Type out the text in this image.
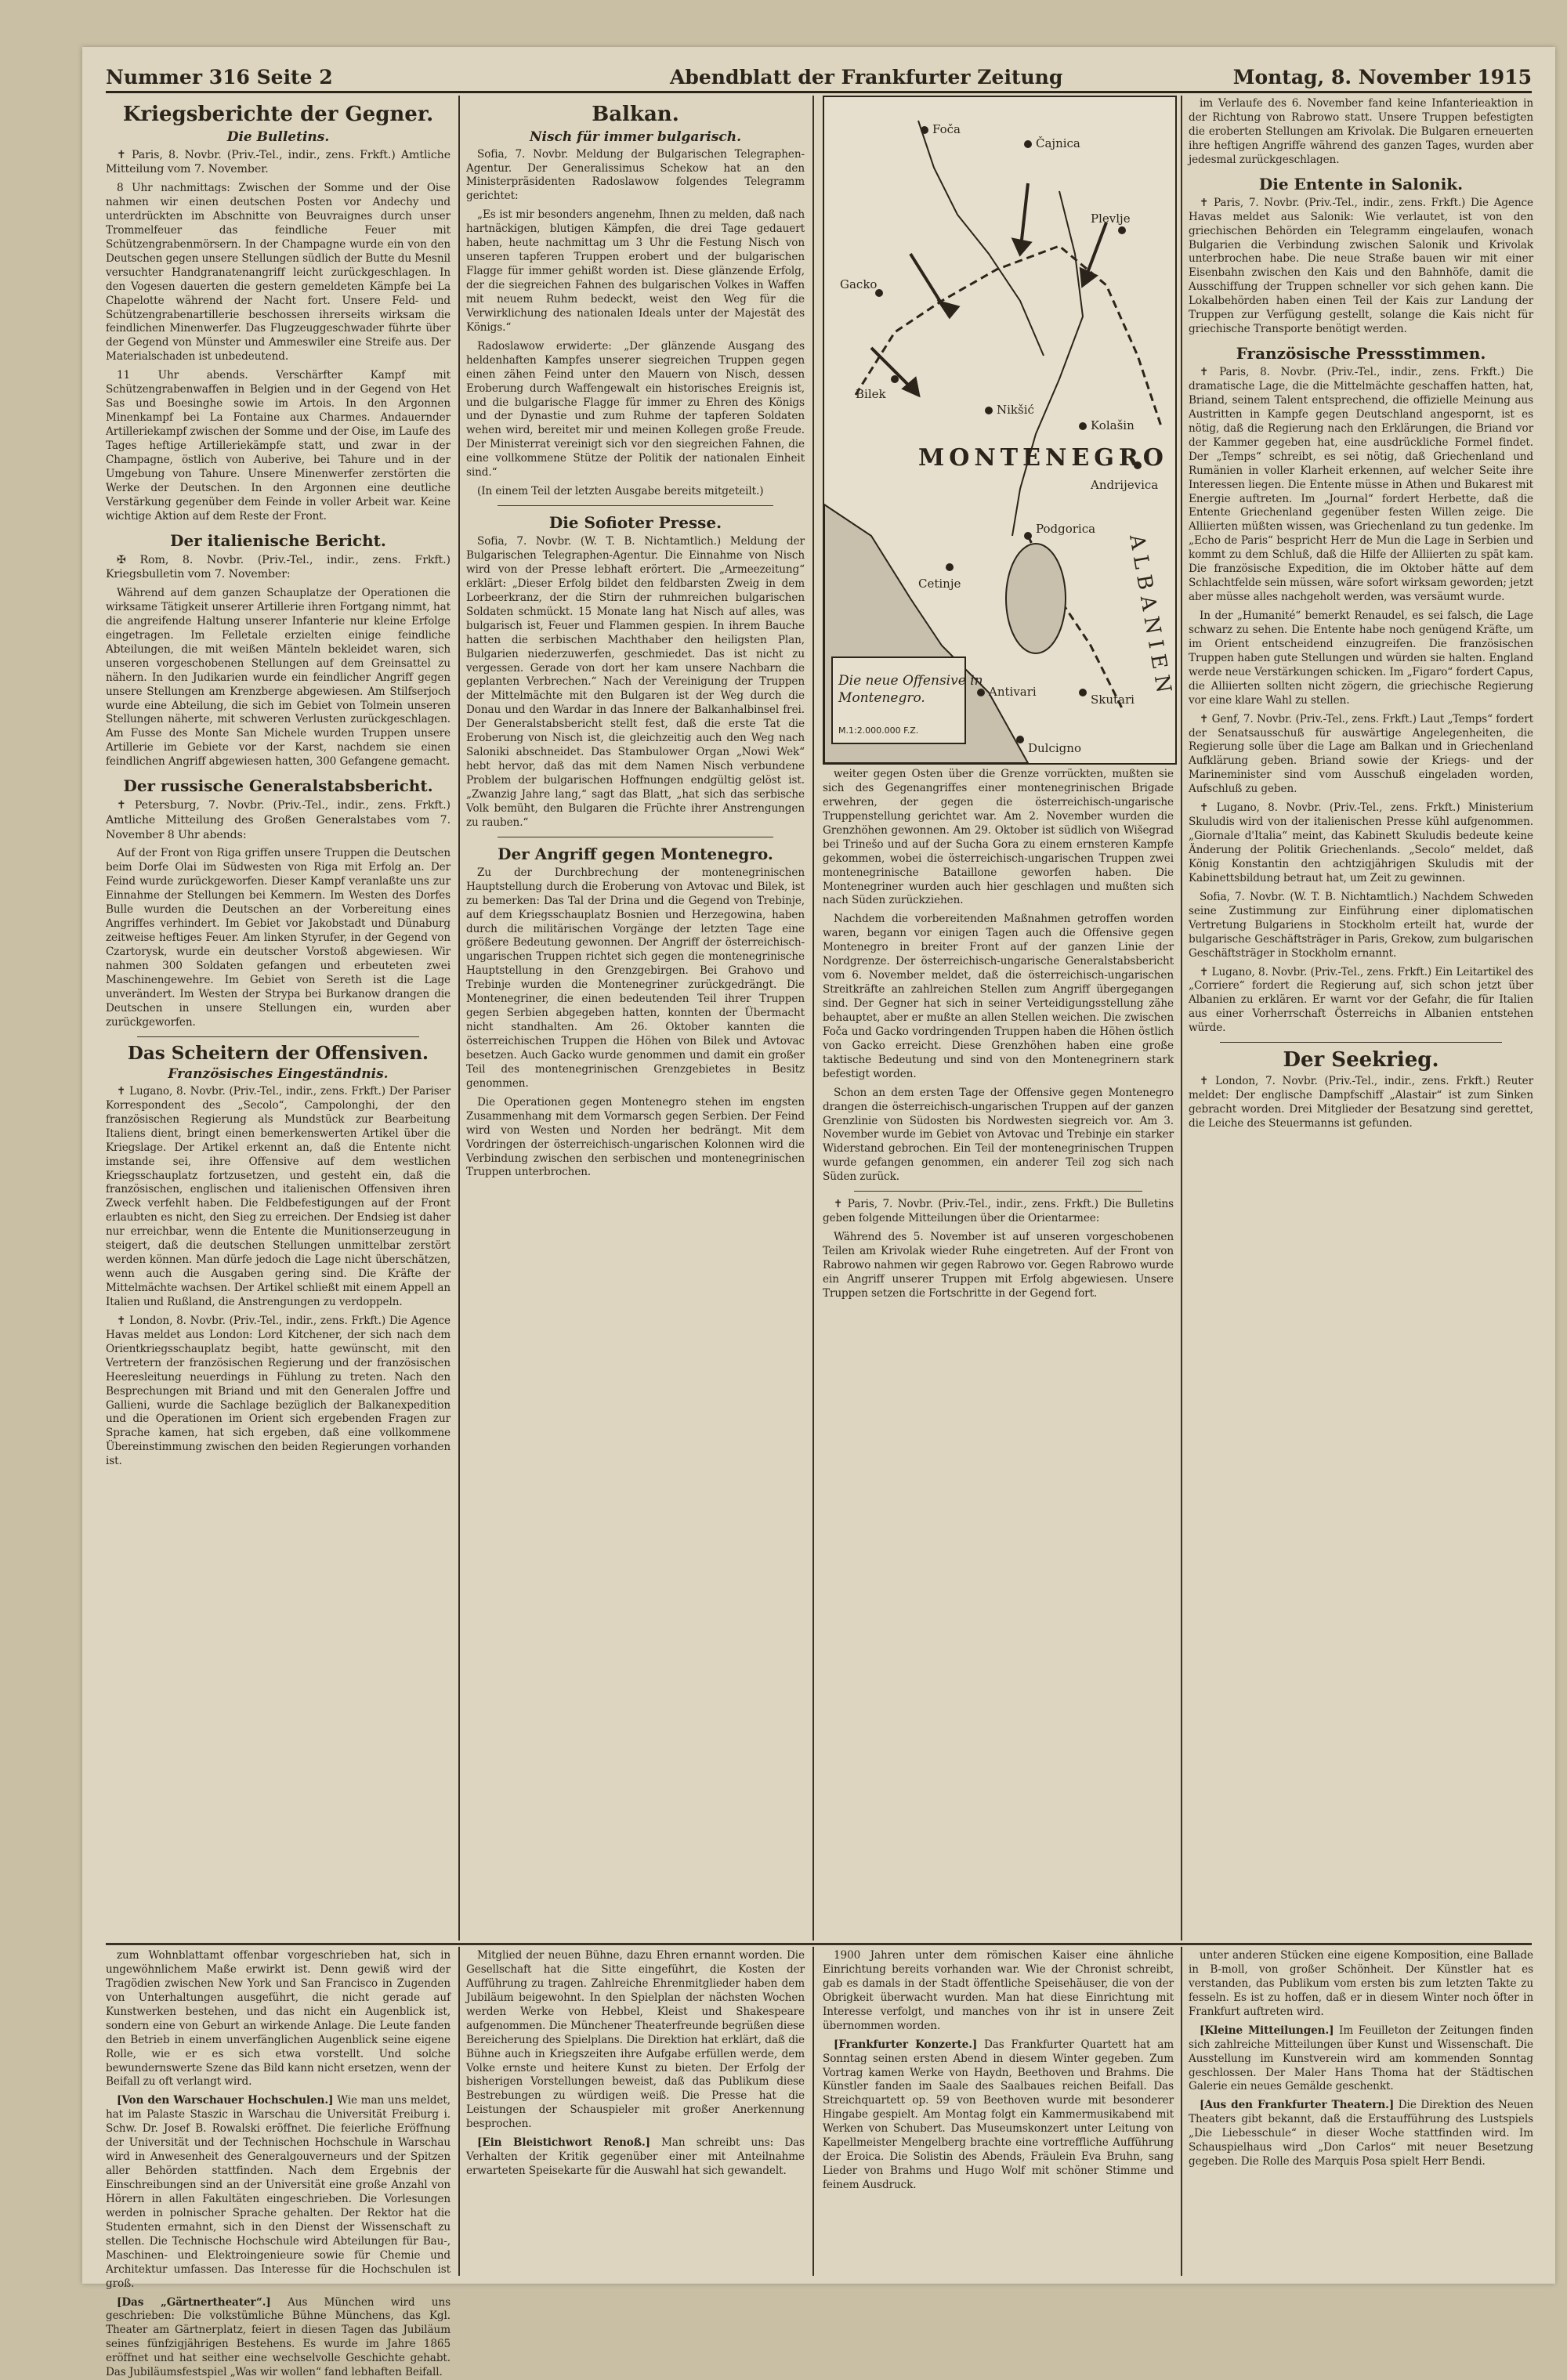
Nummer 316 Seite 2	Abendblatt der Frankfurter Zeitung	Montag, 8. November 1915
Kriegsberichte der Gegner.
Die Bulletins.

✝ Paris, 8. Novbr. (Priv.-Tel., indir., zens. Frkft.) Amtliche Mitteilung vom 7. November.

8 Uhr nachmittags: Zwischen der Somme und der Oise nahmen wir einen deutschen Posten vor Andechy und unterdrückten im Abschnitte von Beuvraignes durch unser Trommelfeuer das feindliche Feuer mit Schützengrabenmörsern. In der Champagne wurde ein von den Deutschen gegen unsere Stellungen südlich der Butte du Mesnil versuchter Handgranatenangriff leicht zurückgeschlagen. In den Vogesen dauerten die gestern gemeldeten Kämpfe bei La Chapelotte während der Nacht fort. Unsere Feld- und Schützengrabenartillerie beschossen ihrerseits wirksam die feindlichen Minenwerfer. Das Flugzeuggeschwader führte über der Gegend von Münster und Ammeswiler eine Streife aus. Der Materialschaden ist unbedeutend.

11 Uhr abends. Verschärfter Kampf mit Schützengrabenwaffen in Belgien und in der Gegend von Het Sas und Boesinghe sowie im Artois. In den Argonnen Minenkampf bei La Fontaine aux Charmes. Andauernder Artilleriekampf zwischen der Somme und der Oise, im Laufe des Tages heftige Artilleriekämpfe statt, und zwar in der Champagne, östlich von Auberive, bei Tahure und in der Umgebung von Tahure. Unsere Minenwerfer zerstörten die Werke der Deutschen. In den Argonnen eine deutliche Verstärkung gegenüber dem Feinde in voller Arbeit war. Keine wichtige Aktion auf dem Reste der Front.

Der italienische Bericht.

✠ Rom, 8. Novbr. (Priv.-Tel., indir., zens. Frkft.) Kriegsbulletin vom 7. November:

Während auf dem ganzen Schauplatze der Operationen die wirksame Tätigkeit unserer Artillerie ihren Fortgang nimmt, hat die angreifende Haltung unserer Infanterie nur kleine Erfolge eingetragen. Im Felletale erzielten einige feindliche Abteilungen, die mit weißen Mänteln bekleidet waren, sich unseren vorgeschobenen Stellungen auf dem Greinsattel zu nähern. In den Judikarien wurde ein feindlicher Angriff gegen unsere Stellungen am Krenzberge abgewiesen. Am Stilfserjoch wurde eine Abteilung, die sich im Gebiet von Tolmein unseren Stellungen näherte, mit schweren Verlusten zurückgeschlagen. Am Fusse des Monte San Michele wurden Truppen unsere Artillerie im Gebiete vor der Karst, nachdem sie einen feindlichen Angriff abgewiesen hatten, 300 Gefangene gemacht.

Der russische Generalstabsbericht.

✝ Petersburg, 7. Novbr. (Priv.-Tel., indir., zens. Frkft.) Amtliche Mitteilung des Großen Generalstabes vom 7. November 8 Uhr abends:

Auf der Front von Riga griffen unsere Truppen die Deutschen beim Dorfe Olai im Südwesten von Riga mit Erfolg an. Der Feind wurde zurückgeworfen. Dieser Kampf veranlaßte uns zur Einnahme der Stellungen bei Kemmern. Im Westen des Dorfes Bulle wurden die Deutschen an der Vorbereitung eines Angriffes verhindert. Im Gebiet vor Jakobstadt und Dünaburg zeitweise heftiges Feuer. Am linken Styrufer, in der Gegend von Czartorysk, wurde ein deutscher Vorstoß abgewiesen. Wir nahmen 300 Soldaten gefangen und erbeuteten zwei Maschinengewehre. Im Gebiet von Sereth ist die Lage unverändert. Im Westen der Strypa bei Burkanow drangen die Deutschen in unsere Stellungen ein, wurden aber zurückgeworfen.

Das Scheitern der Offensiven.
Französisches Eingeständnis.

✝ Lugano, 8. Novbr. (Priv.-Tel., indir., zens. Frkft.) Der Pariser Korrespondent des „Secolo“, Campolonghi, der den französischen Regierung als Mundstück zur Bearbeitung Italiens dient, bringt einen bemerkenswerten Artikel über die Kriegslage. Der Artikel erkennt an, daß die Entente nicht imstande sei, ihre Offensive auf dem westlichen Kriegsschauplatz fortzusetzen, und gesteht ein, daß die französischen, englischen und italienischen Offensiven ihren Zweck verfehlt haben. Die Feldbefestigungen auf der Front erlaubten es nicht, den Sieg zu erreichen. Der Endsieg ist daher nur erreichbar, wenn die Entente die Munitionserzeugung in steigert, daß die deutschen Stellungen unmittelbar zerstört werden können. Man dürfe jedoch die Lage nicht überschätzen, wenn auch die Ausgaben gering sind. Die Kräfte der Mittelmächte wachsen. Der Artikel schließt mit einem Appell an Italien und Rußland, die Anstrengungen zu verdoppeln.

✝ London, 8. Novbr. (Priv.-Tel., indir., zens. Frkft.) Die Agence Havas meldet aus London: Lord Kitchener, der sich nach dem Orientkriegsschauplatz begibt, hatte gewünscht, mit den Vertretern der französischen Regierung und der französischen Heeresleitung neuerdings in Fühlung zu treten. Nach den Besprechungen mit Briand und mit den Generalen Joffre und Gallieni, wurde die Sachlage bezüglich der Balkanexpedition und die Operationen im Orient sich ergebenden Fragen zur Sprache kamen, hat sich ergeben, daß eine vollkommene Übereinstimmung zwischen den beiden Regierungen vorhanden ist.

Balkan.
Nisch für immer bulgarisch.

Sofia, 7. Novbr. Meldung der Bulgarischen Telegraphen-Agentur. Der Generalissimus Schekow hat an den Ministerpräsidenten Radoslawow folgendes Telegramm gerichtet:

„Es ist mir besonders angenehm, Ihnen zu melden, daß nach hartnäckigen, blutigen Kämpfen, die drei Tage gedauert haben, heute nachmittag um 3 Uhr die Festung Nisch von unseren tapferen Truppen erobert und der bulgarischen Flagge für immer gehißt worden ist. Diese glänzende Erfolg, der die siegreichen Fahnen des bulgarischen Volkes in Waffen mit neuem Ruhm bedeckt, weist den Weg für die Verwirklichung des nationalen Ideals unter der Majestät des Königs.“

Radoslawow erwiderte: „Der glänzende Ausgang des heldenhaften Kampfes unserer siegreichen Truppen gegen einen zähen Feind unter den Mauern von Nisch, dessen Eroberung durch Waffengewalt ein historisches Ereignis ist, und die bulgarische Flagge für immer zu Ehren des Königs und der Dynastie und zum Ruhme der tapferen Soldaten wehen wird, bereitet mir und meinen Kollegen große Freude. Der Ministerrat vereinigt sich vor den siegreichen Fahnen, die eine vollkommene Stütze der Politik der nationalen Einheit sind.“

(In einem Teil der letzten Ausgabe bereits mitgeteilt.)

Die Sofioter Presse.

Sofia, 7. Novbr. (W. T. B. Nichtamtlich.) Meldung der Bulgarischen Telegraphen-Agentur. Die Einnahme von Nisch wird von der Presse lebhaft erörtert. Die „Armeezeitung“ erklärt: „Dieser Erfolg bildet den feldbarsten Zweig in dem Lorbeerkranz, der die Stirn der ruhmreichen bulgarischen Soldaten schmückt. 15 Monate lang hat Nisch auf alles, was bulgarisch ist, Feuer und Flammen gespien. In ihrem Bauche hatten die serbischen Machthaber den heiligsten Plan, Bulgarien niederzuwerfen, geschmiedet. Das ist nicht zu vergessen. Gerade von dort her kam unsere Nachbarn die geplanten Verbrechen.“ Nach der Vereinigung der Truppen der Mittelmächte mit den Bulgaren ist der Weg durch die Donau und den Wardar in das Innere der Balkanhalbinsel frei. Der Generalstabsbericht stellt fest, daß die erste Tat die Eroberung von Nisch ist, die gleichzeitig auch den Weg nach Saloniki abschneidet. Das Stambulower Organ „Nowi Wek“ hebt hervor, daß das mit dem Namen Nisch verbundene Problem der bulgarischen Hoffnungen endgültig gelöst ist. „Zwanzig Jahre lang,“ sagt das Blatt, „hat sich das serbische Volk bemüht, den Bulgaren die Früchte ihrer Anstrengungen zu rauben.“

Der Angriff gegen Montenegro.

Zu der Durchbrechung der montenegrinischen Hauptstellung durch die Eroberung von Avtovac und Bilek, ist zu bemerken: Das Tal der Drina und die Gegend von Trebinje, auf dem Kriegsschauplatz Bosnien und Herzegowina, haben durch die militärischen Vorgänge der letzten Tage eine größere Bedeutung gewonnen. Der Angriff der österreichisch-ungarischen Truppen richtet sich gegen die montenegrinische Hauptstellung in den Grenzgebirgen. Bei Grahovo und Trebinje wurden die Montenegriner zurückgedrängt. Die Montenegriner, die einen bedeutenden Teil ihrer Truppen gegen Serbien abgegeben hatten, konnten der Übermacht nicht standhalten. Am 26. Oktober kannten die österreichischen Truppen die Höhen von Bilek und Avtovac besetzen. Auch Gacko wurde genommen und damit ein großer Teil des montenegrinischen Grenzgebietes in Besitz genommen.

Die Operationen gegen Montenegro stehen im engsten Zusammenhang mit dem Vormarsch gegen Serbien. Der Feind wird von Westen und Norden her bedrängt. Mit dem Vordringen der österreichisch-ungarischen Kolonnen wird die Verbindung zwischen den serbischen und montenegrinischen Truppen unterbrochen.

Foča
Čajnica
Plevlje
Gacko
Bilek
Nikšić
Cetinje
Podgorica
Antivari
Skutari
Dulcigno
Kolašin
Andrijevica
MONTENEGRO
ALBANIEN
Die neue Offensive in Montenegro.
M.1:2.000.000 F.Z.

weiter gegen Osten über die Grenze vorrückten, mußten sie sich des Gegenangriffes einer montenegrinischen Brigade erwehren, der gegen die österreichisch-ungarische Truppenstellung gerichtet war. Am 2. November wurden die Grenzhöhen gewonnen. Am 29. Oktober ist südlich von Wišegrad bei Trinešo und auf der Sucha Gora zu einem ernsteren Kampfe gekommen, wobei die österreichisch-ungarischen Truppen zwei montenegrinische Bataillone geworfen haben. Die Montenegriner wurden auch hier geschlagen und mußten sich nach Süden zurückziehen.

Nachdem die vorbereitenden Maßnahmen getroffen worden waren, begann vor einigen Tagen auch die Offensive gegen Montenegro in breiter Front auf der ganzen Linie der Nordgrenze. Der österreichisch-ungarische Generalstabsbericht vom 6. November meldet, daß die österreichisch-ungarischen Streitkräfte an zahlreichen Stellen zum Angriff übergegangen sind. Der Gegner hat sich in seiner Verteidigungsstellung zähe behauptet, aber er mußte an allen Stellen weichen. Die zwischen Foča und Gacko vordringenden Truppen haben die Höhen östlich von Gacko erreicht. Diese Grenzhöhen haben eine große taktische Bedeutung und sind von den Montenegrinern stark befestigt worden.

Schon an dem ersten Tage der Offensive gegen Montenegro drangen die österreichisch-ungarischen Truppen auf der ganzen Grenzlinie von Südosten bis Nordwesten siegreich vor. Am 3. November wurde im Gebiet von Avtovac und Trebinje ein starker Widerstand gebrochen. Ein Teil der montenegrinischen Truppen wurde gefangen genommen, ein anderer Teil zog sich nach Süden zurück.

✝ Paris, 7. Novbr. (Priv.-Tel., indir., zens. Frkft.) Die Bulletins geben folgende Mitteilungen über die Orientarmee:

Während des 5. November ist auf unseren vorgeschobenen Teilen am Krivolak wieder Ruhe eingetreten. Auf der Front von Rabrowo nahmen wir gegen Rabrowo vor. Gegen Rabrowo wurde ein Angriff unserer Truppen mit Erfolg abgewiesen. Unsere Truppen setzen die Fortschritte in der Gegend fort.

im Verlaufe des 6. November fand keine Infanterieaktion in der Richtung von Rabrowo statt. Unsere Truppen befestigten die eroberten Stellungen am Krivolak. Die Bulgaren erneuerten ihre heftigen Angriffe während des ganzen Tages, wurden aber jedesmal zurückgeschlagen.

Die Entente in Salonik.

✝ Paris, 7. Novbr. (Priv.-Tel., indir., zens. Frkft.) Die Agence Havas meldet aus Salonik: Wie verlautet, ist von den griechischen Behörden ein Telegramm eingelaufen, wonach Bulgarien die Verbindung zwischen Salonik und Krivolak unterbrochen habe. Die neue Straße bauen wir mit einer Eisenbahn zwischen den Kais und den Bahnhöfe, damit die Ausschiffung der Truppen schneller vor sich gehen kann. Die Lokalbehörden haben einen Teil der Kais zur Landung der Truppen zur Verfügung gestellt, solange die Kais nicht für griechische Transporte benötigt werden.

Französische Pressstimmen.

✝ Paris, 8. Novbr. (Priv.-Tel., indir., zens. Frkft.) Die dramatische Lage, die die Mittelmächte geschaffen hatten, hat, Briand, seinem Talent entsprechend, die offizielle Meinung aus Austritten in Kampfe gegen Deutschland angespornt, ist es nötig, daß die Regierung nach den Erklärungen, die Briand vor der Kammer gegeben hat, eine ausdrückliche Formel findet. Der „Temps“ schreibt, es sei nötig, daß Griechenland und Rumänien in voller Klarheit erkennen, auf welcher Seite ihre Interessen liegen. Die Entente müsse in Athen und Bukarest mit Energie auftreten. Im „Journal“ fordert Herbette, daß die Entente Griechenland gegenüber festen Willen zeige. Die Alliierten müßten wissen, was Griechenland zu tun gedenke. Im „Echo de Paris“ bespricht Herr de Mun die Lage in Serbien und kommt zu dem Schluß, daß die Hilfe der Alliierten zu spät kam. Die französische Expedition, die im Oktober hätte auf dem Schlachtfelde sein müssen, wäre sofort wirksam geworden; jetzt aber müsse alles nachgeholt werden, was versäumt wurde.

In der „Humanité“ bemerkt Renaudel, es sei falsch, die Lage schwarz zu sehen. Die Entente habe noch genügend Kräfte, um im Orient entscheidend einzugreifen. Die französischen Truppen haben gute Stellungen und würden sie halten. England werde neue Verstärkungen schicken. Im „Figaro“ fordert Capus, die Alliierten sollten nicht zögern, die griechische Regierung vor eine klare Wahl zu stellen.

✝ Genf, 7. Novbr. (Priv.-Tel., zens. Frkft.) Laut „Temps“ fordert der Senatsausschuß für auswärtige Angelegenheiten, die Regierung solle über die Lage am Balkan und in Griechenland Aufklärung geben. Briand sowie der Kriegs- und der Marineminister sind vom Ausschuß eingeladen worden, Aufschluß zu geben.

✝ Lugano, 8. Novbr. (Priv.-Tel., zens. Frkft.) Ministerium Skuludis wird von der italienischen Presse kühl aufgenommen. „Giornale d'Italia“ meint, das Kabinett Skuludis bedeute keine Änderung der Politik Griechenlands. „Secolo“ meldet, daß König Konstantin den achtzigjährigen Skuludis mit der Kabinettsbildung betraut hat, um Zeit zu gewinnen.

Sofia, 7. Novbr. (W. T. B. Nichtamtlich.) Nachdem Schweden seine Zustimmung zur Einführung einer diplomatischen Vertretung Bulgariens in Stockholm erteilt hat, wurde der bulgarische Geschäftsträger in Paris, Grekow, zum bulgarischen Geschäftsträger in Stockholm ernannt.

✝ Lugano, 8. Novbr. (Priv.-Tel., zens. Frkft.) Ein Leitartikel des „Corriere“ fordert die Regierung auf, sich schon jetzt über Albanien zu erklären. Er warnt vor der Gefahr, die für Italien aus einer Vorherrschaft Österreichs in Albanien entstehen würde.

Der Seekrieg.

✝ London, 7. Novbr. (Priv.-Tel., indir., zens. Frkft.) Reuter meldet: Der englische Dampfschiff „Alastair“ ist zum Sinken gebracht worden. Drei Mitglieder der Besatzung sind gerettet, die Leiche des Steuermanns ist gefunden.

zum Wohnblattamt offenbar vorgeschrieben hat, sich in ungewöhnlichem Maße erwirkt ist. Denn gewiß wird der Tragödien zwischen New York und San Francisco in Zugenden von Unterhaltungen ausgeführt, die nicht gerade auf Kunstwerken bestehen, und das nicht ein Augenblick ist, sondern eine von Geburt an wirkende Anlage. Die Leute fanden den Betrieb in einem unverfänglichen Augenblick seine eigene Rolle, wie er es sich etwa vorstellt. Und solche bewundernswerte Szene das Bild kann nicht ersetzen, wenn der Beifall zu oft verlangt wird.

[Von den Warschauer Hochschulen.] Wie man uns meldet, hat im Palaste Staszic in Warschau die Universität Freiburg i. Schw. Dr. Josef B. Rowalski eröffnet. Die feierliche Eröffnung der Universität und der Technischen Hochschule in Warschau wird in Anwesenheit des Generalgouverneurs und der Spitzen aller Behörden stattfinden. Nach dem Ergebnis der Einschreibungen sind an der Universität eine große Anzahl von Hörern in allen Fakultäten eingeschrieben. Die Vorlesungen werden in polnischer Sprache gehalten. Der Rektor hat die Studenten ermahnt, sich in den Dienst der Wissenschaft zu stellen. Die Technische Hochschule wird Abteilungen für Bau-, Maschinen- und Elektroingenieure sowie für Chemie und Architektur umfassen. Das Interesse für die Hochschulen ist groß.

[Das „Gärtnertheater“.] Aus München wird uns geschrieben: Die volkstümliche Bühne Münchens, das Kgl. Theater am Gärtnerplatz, feiert in diesen Tagen das Jubiläum seines fünfzigjährigen Bestehens. Es wurde im Jahre 1865 eröffnet und hat seither eine wechselvolle Geschichte gehabt. Das Jubiläumsfestspiel „Was wir wollen“ fand lebhaften Beifall.

Mitglied der neuen Bühne, dazu Ehren ernannt worden. Die Gesellschaft hat die Sitte eingeführt, die Kosten der Aufführung zu tragen. Zahlreiche Ehrenmitglieder haben dem Jubiläum beigewohnt. In den Spielplan der nächsten Wochen werden Werke von Hebbel, Kleist und Shakespeare aufgenommen. Die Münchener Theaterfreunde begrüßen diese Bereicherung des Spielplans. Die Direktion hat erklärt, daß die Bühne auch in Kriegszeiten ihre Aufgabe erfüllen werde, dem Volke ernste und heitere Kunst zu bieten. Der Erfolg der bisherigen Vorstellungen beweist, daß das Publikum diese Bestrebungen zu würdigen weiß. Die Presse hat die Leistungen der Schauspieler mit großer Anerkennung besprochen.

[Ein Bleistichwort Renoß.] Man schreibt uns: Das Verhalten der Kritik gegenüber einer mit Anteilnahme erwarteten Speisekarte für die Auswahl hat sich gewandelt.

1900 Jahren unter dem römischen Kaiser eine ähnliche Einrichtung bereits vorhanden war. Wie der Chronist schreibt, gab es damals in der Stadt öffentliche Speisehäuser, die von der Obrigkeit überwacht wurden. Man hat diese Einrichtung mit Interesse verfolgt, und manches von ihr ist in unsere Zeit übernommen worden.

[Frankfurter Konzerte.] Das Frankfurter Quartett hat am Sonntag seinen ersten Abend in diesem Winter gegeben. Zum Vortrag kamen Werke von Haydn, Beethoven und Brahms. Die Künstler fanden im Saale des Saalbaues reichen Beifall. Das Streichquartett op. 59 von Beethoven wurde mit besonderer Hingabe gespielt. Am Montag folgt ein Kammermusikabend mit Werken von Schubert. Das Museumskonzert unter Leitung von Kapellmeister Mengelberg brachte eine vortreffliche Aufführung der Eroica. Die Solistin des Abends, Fräulein Eva Bruhn, sang Lieder von Brahms und Hugo Wolf mit schöner Stimme und feinem Ausdruck.

unter anderen Stücken eine eigene Komposition, eine Ballade in B-moll, von großer Schönheit. Der Künstler hat es verstanden, das Publikum vom ersten bis zum letzten Takte zu fesseln. Es ist zu hoffen, daß er in diesem Winter noch öfter in Frankfurt auftreten wird.

[Kleine Mitteilungen.] Im Feuilleton der Zeitungen finden sich zahlreiche Mitteilungen über Kunst und Wissenschaft. Die Ausstellung im Kunstverein wird am kommenden Sonntag geschlossen. Der Maler Hans Thoma hat der Städtischen Galerie ein neues Gemälde geschenkt.

[Aus den Frankfurter Theatern.] Die Direktion des Neuen Theaters gibt bekannt, daß die Erstaufführung des Lustspiels „Die Liebesschule“ in dieser Woche stattfinden wird. Im Schauspielhaus wird „Don Carlos“ mit neuer Besetzung gegeben. Die Rolle des Marquis Posa spielt Herr Bendi.
